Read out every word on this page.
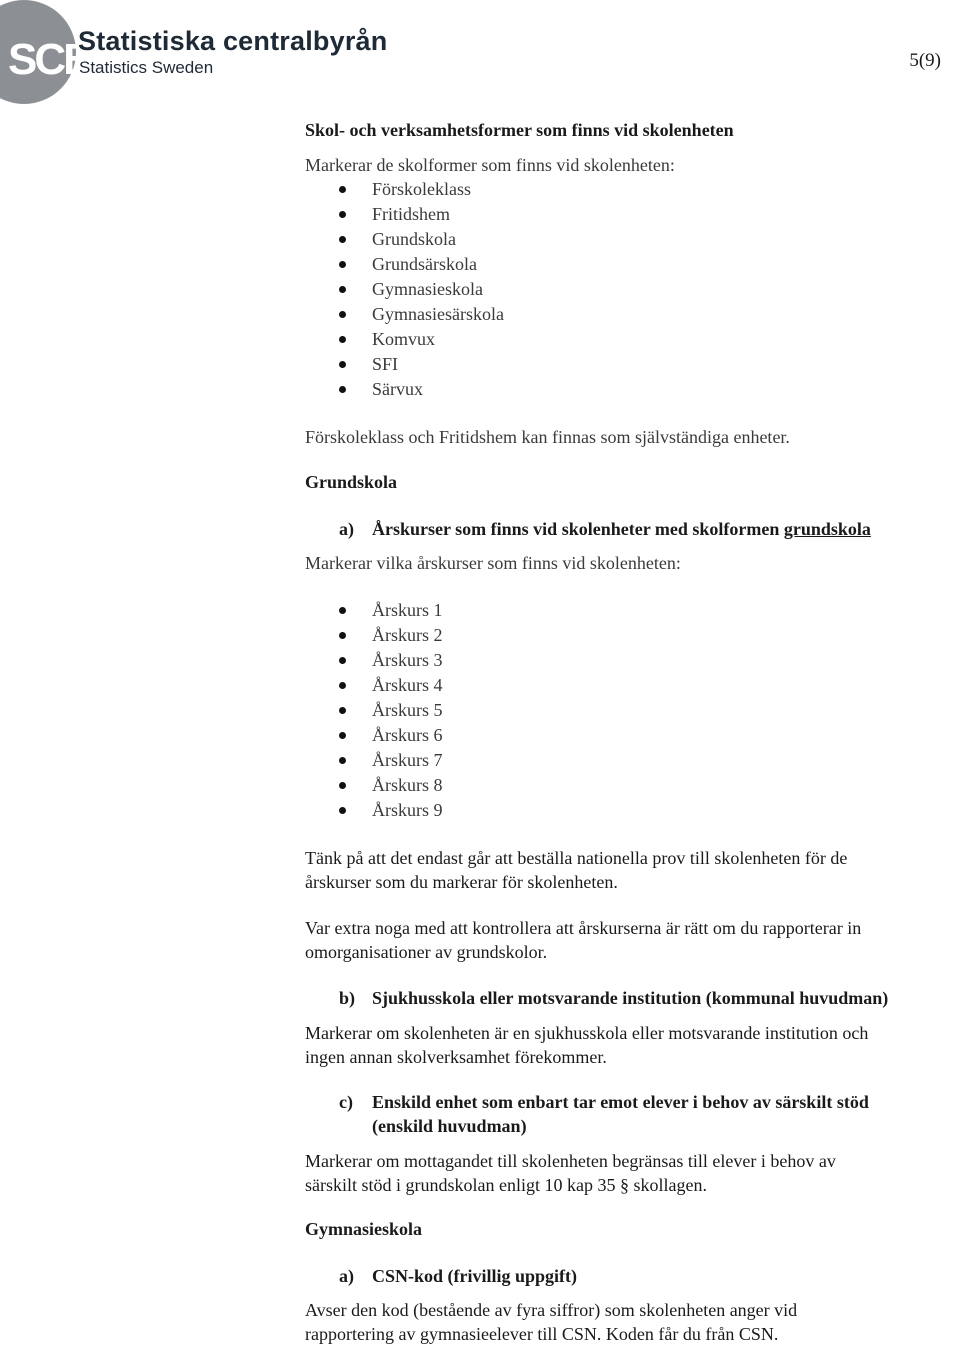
SCB
Statistiska centralbyrån
Statistics Sweden	5(9)
Skol- och verksamhetsformer som finns vid skolenheten
Markerar de skolformer som finns vid skolenheten:
Förskoleklass
Fritidshem
Grundskola
Grundsärskola
Gymnasieskola
Gymnasiesärskola
Komvux
SFI
Särvux
Förskoleklass och Fritidshem kan finnas som självständiga enheter.
Grundskola
a) Årskurser som finns vid skolenheter med skolformen grundskola
Markerar vilka årskurser som finns vid skolenheten:
Årskurs 1
Årskurs 2
Årskurs 3
Årskurs 4
Årskurs 5
Årskurs 6
Årskurs 7
Årskurs 8
Årskurs 9
Tänk på att det endast går att beställa nationella prov till skolenheten för de
årskurser som du markerar för skolenheten.
Var extra noga med att kontrollera att årskurserna är rätt om du rapporterar in
omorganisationer av grundskolor.
b) Sjukhusskola eller motsvarande institution (kommunal huvudman)
Markerar om skolenheten är en sjukhusskola eller motsvarande institution och
ingen annan skolverksamhet förekommer.
c) Enskild enhet som enbart tar emot elever i behov av särskilt stöd
(enskild huvudman)
Markerar om mottagandet till skolenheten begränsas till elever i behov av
särskilt stöd i grundskolan enligt 10 kap 35 § skollagen.
Gymnasieskola
a) CSN-kod (frivillig uppgift)
Avser den kod (bestående av fyra siffror) som skolenheten anger vid
rapportering av gymnasieelever till CSN. Koden får du från CSN.
